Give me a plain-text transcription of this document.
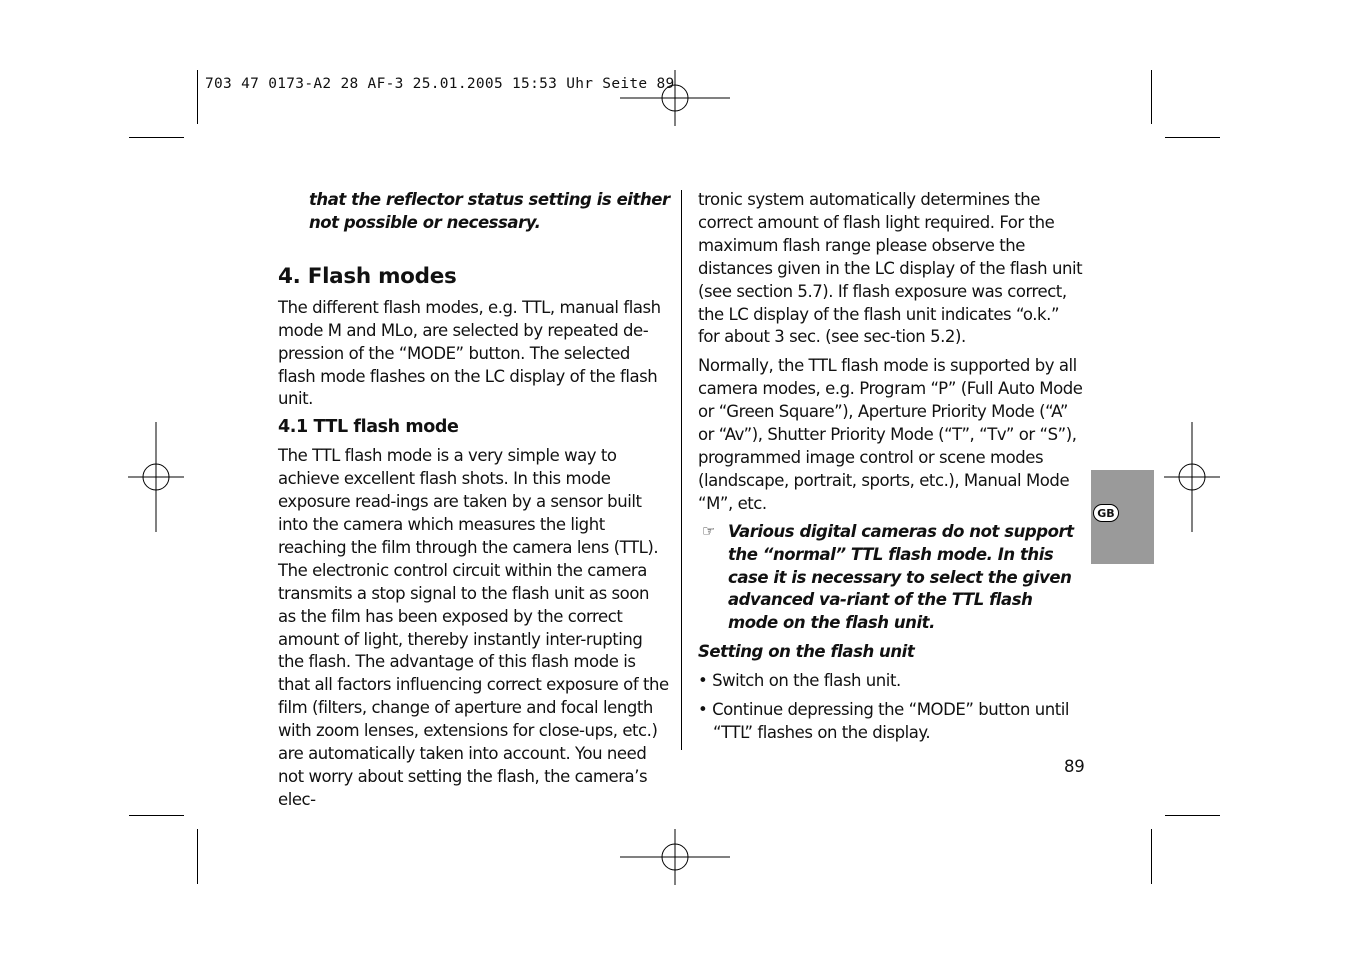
703 47 0173-A2 28 AF-3 25.01.2005 15:53 Uhr Seite 89

that the reflector status setting is either not possible or necessary.

4. Flash modes

The different flash modes, e.g. TTL, manual flash mode M and MLo, are selected by repeated de-pression of the “MODE” button. The selected flash mode flashes on the LC display of the flash unit.

4.1 TTL flash mode

The TTL flash mode is a very simple way to achieve excellent flash shots. In this mode exposure read-ings are taken by a sensor built into the camera which measures the light reaching the film through the camera lens (TTL). The electronic control circuit within the camera transmits a stop signal to the flash unit as soon as the film has been exposed by the correct amount of light, thereby instantly inter-rupting the flash. The advantage of this flash mode is that all factors influencing correct exposure of the film (filters, change of aperture and focal length with zoom lenses, extensions for close-ups, etc.) are automatically taken into account. You need not worry about setting the flash, the camera’s elec-

tronic system automatically determines the correct amount of flash light required. For the maximum flash range please observe the distances given in the LC display of the flash unit (see section 5.7). If flash exposure was correct, the LC display of the flash unit indicates “o.k.” for about 3 sec. (see sec-tion 5.2).

Normally, the TTL flash mode is supported by all camera modes, e.g. Program “P” (Full Auto Mode or “Green Square”), Aperture Priority Mode (“A” or “Av”), Shutter Priority Mode (“T”, “Tv” or “S”), programmed image control or scene modes (landscape, portrait, sports, etc.), Manual Mode “M”, etc.

☞ Various digital cameras do not support the “normal” TTL flash mode. In this case it is necessary to select the given advanced va-riant of the TTL flash mode on the flash unit.

Setting on the flash unit

• Switch on the flash unit.

• Continue depressing the “MODE” button until “TTL” flashes on the display.

GB
89
